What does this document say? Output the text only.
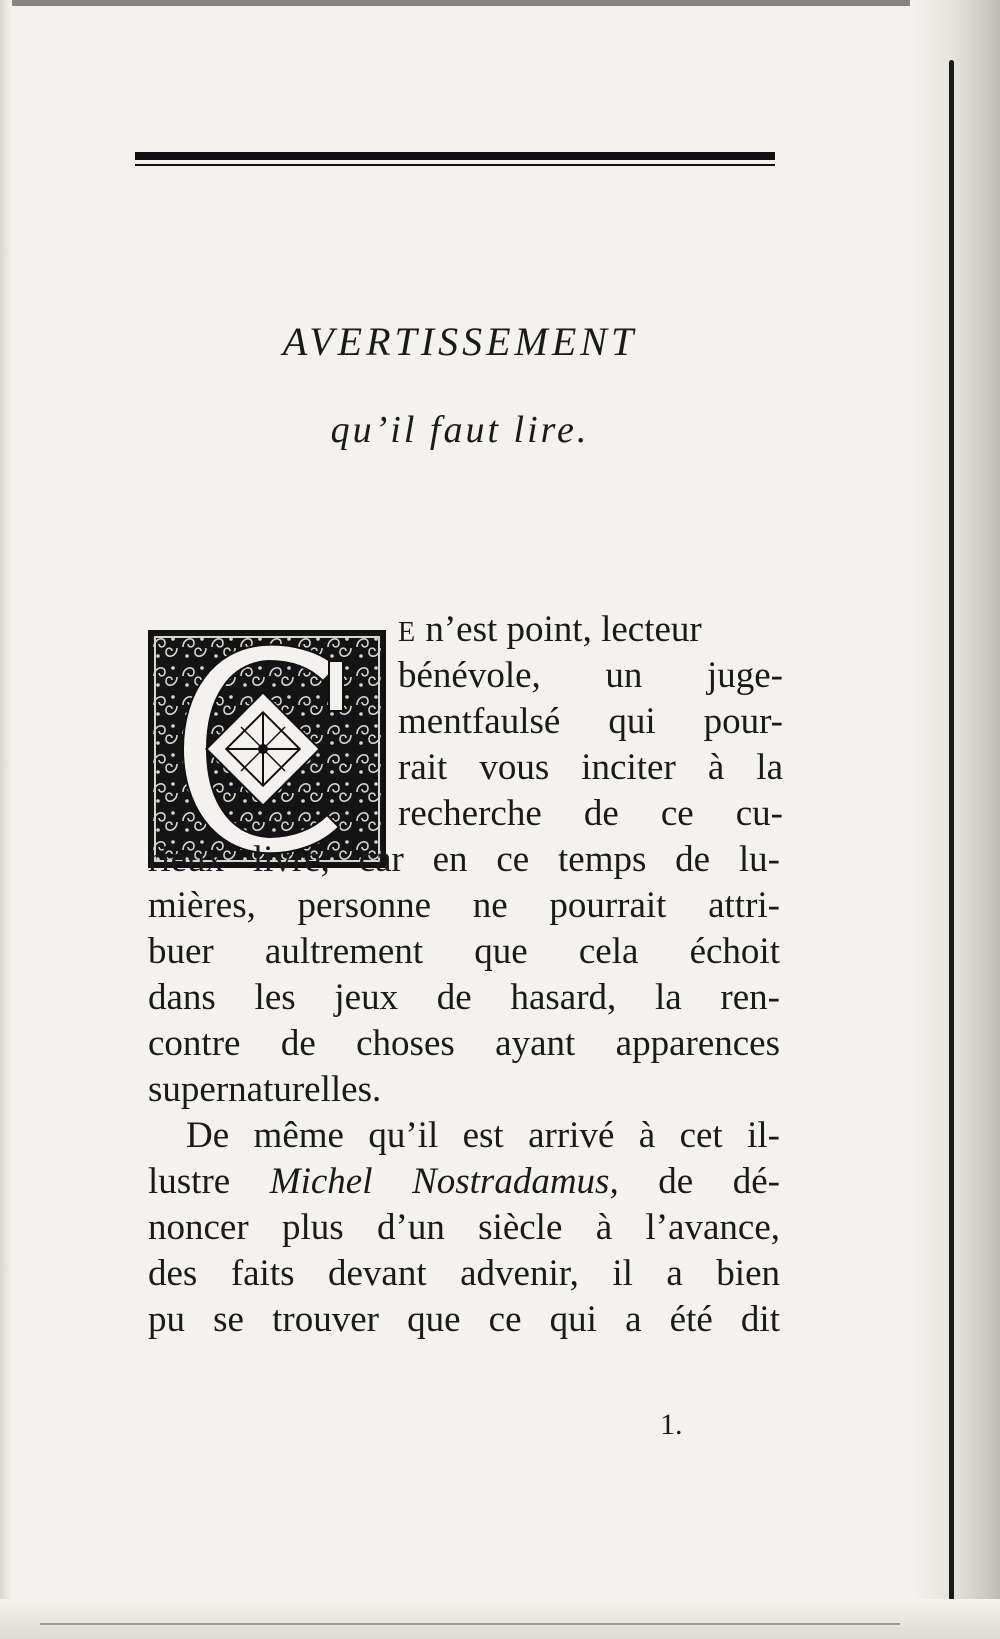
AVERTISSEMENT
qu’il faut lire.

E n’est point, lecteur

bénévole, un juge-

mentfaulsé qui pour-

rait vous inciter à la

recherche de ce cu-

rieux livre, car en ce temps de lu-

mières, personne ne pourrait attri-

buer aultrement que cela échoit

dans les jeux de hasard, la ren-

contre de choses ayant apparences

supernaturelles.

De même qu’il est arrivé à cet il-

lustre Michel Nostradamus, de dé-

noncer plus d’un siècle à l’avance,

des faits devant advenir, il a bien

pu se trouver que ce qui a été dit

1.
